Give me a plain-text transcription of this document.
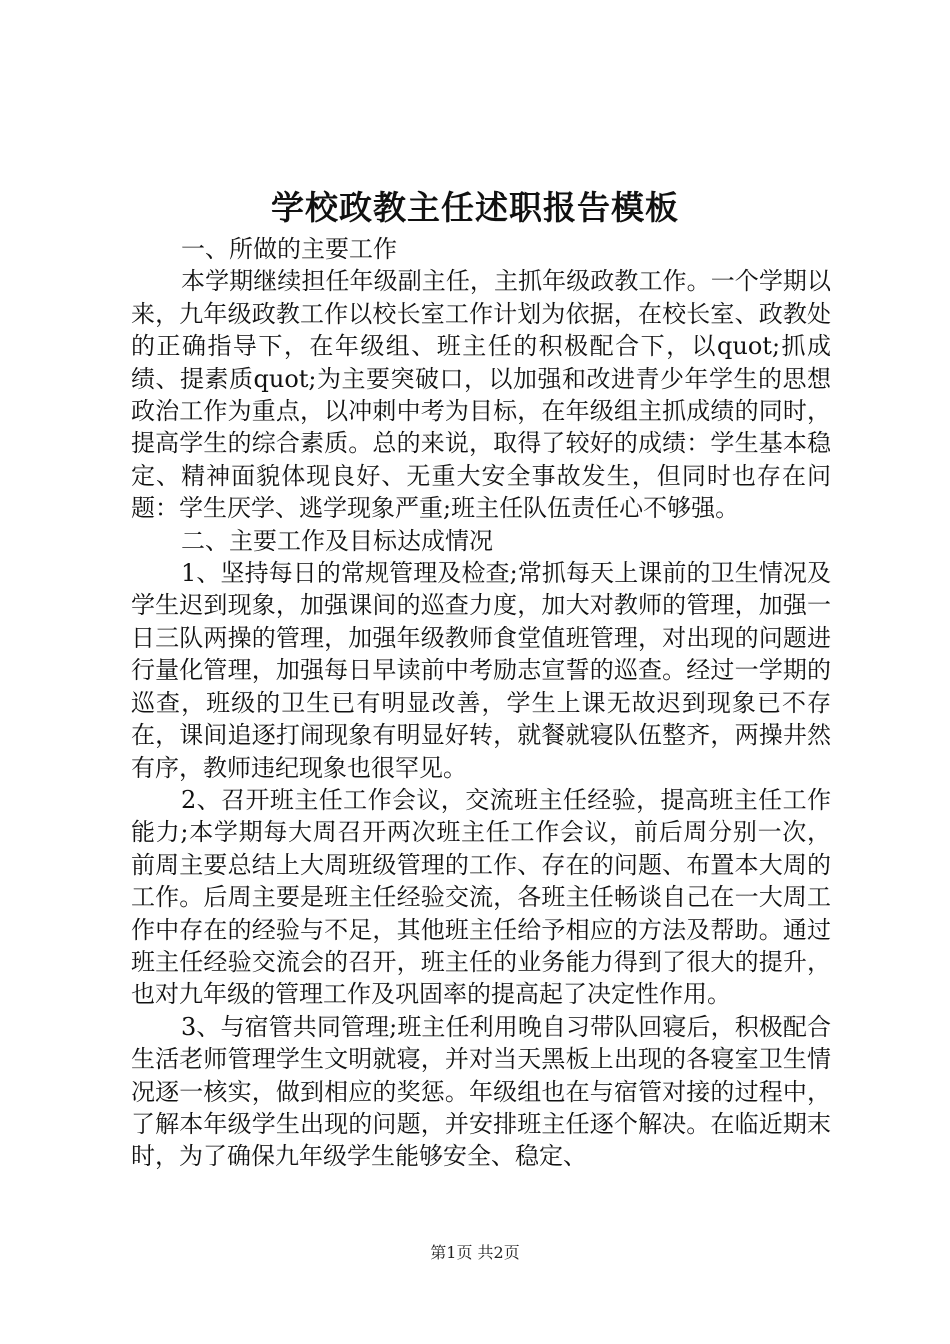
学校政教主任述职报告模板

一、所做的主要工作

本学期继续担任年级副主任，主抓年级政教工作。一个学期以来，九年级政教工作以校长室工作计划为依据，在校长室、政教处的正确指导下，在年级组、班主任的积极配合下，以quot;抓成绩、提素质quot;为主要突破口，以加强和改进青少年学生的思想政治工作为重点，以冲刺中考为目标，在年级组主抓成绩的同时，提高学生的综合素质。总的来说，取得了较好的成绩：学生基本稳定、精神面貌体现良好、无重大安全事故发生，但同时也存在问题：学生厌学、逃学现象严重;班主任队伍责任心不够强。

二、主要工作及目标达成情况

1、坚持每日的常规管理及检查;常抓每天上课前的卫生情况及学生迟到现象，加强课间的巡查力度，加大对教师的管理，加强一日三队两操的管理，加强年级教师食堂值班管理，对出现的问题进行量化管理，加强每日早读前中考励志宣誓的巡查。经过一学期的巡查，班级的卫生已有明显改善，学生上课无故迟到现象已不存在，课间追逐打闹现象有明显好转，就餐就寝队伍整齐，两操井然有序，教师违纪现象也很罕见。

2、召开班主任工作会议，交流班主任经验，提高班主任工作能力;本学期每大周召开两次班主任工作会议，前后周分别一次，前周主要总结上大周班级管理的工作、存在的问题、布置本大周的工作。后周主要是班主任经验交流，各班主任畅谈自己在一大周工作中存在的经验与不足，其他班主任给予相应的方法及帮助。通过班主任经验交流会的召开，班主任的业务能力得到了很大的提升，也对九年级的管理工作及巩固率的提高起了决定性作用。

3、与宿管共同管理;班主任利用晚自习带队回寝后，积极配合生活老师管理学生文明就寝，并对当天黑板上出现的各寝室卫生情况逐一核实，做到相应的奖惩。年级组也在与宿管对接的过程中，了解本年级学生出现的问题，并安排班主任逐个解决。在临近期末时，为了确保九年级学生能够安全、稳定、

第1页 共2页
